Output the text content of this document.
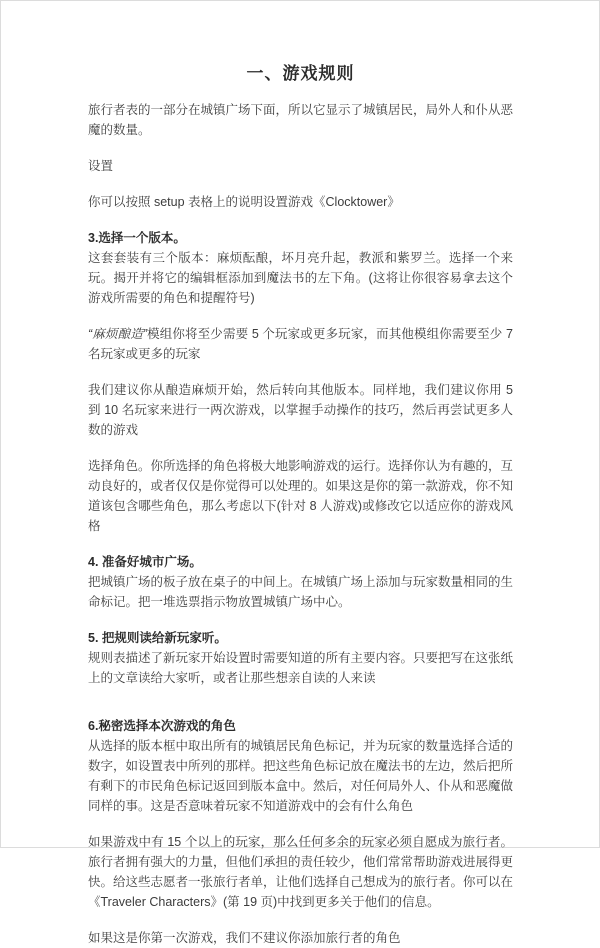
一、游戏规则

旅行者表的一部分在城镇广场下面，所以它显示了城镇居民，局外人和仆从恶魔的数量。

设置

你可以按照 setup 表格上的说明设置游戏《Clocktower》

3.选择一个版本。

这套套装有三个版本：麻烦酝酿，坏月亮升起，教派和紫罗兰。选择一个来玩。揭开并将它的编辑框添加到魔法书的左下角。(这将让你很容易拿去这个游戏所需要的角色和提醒符号)

“麻烦酿造”模组你将至少需要 5 个玩家或更多玩家，而其他模组你需要至少 7 名玩家或更多的玩家

我们建议你从酿造麻烦开始，然后转向其他版本。同样地，我们建议你用 5 到 10 名玩家来进行一两次游戏，以掌握手动操作的技巧，然后再尝试更多人数的游戏

选择角色。你所选择的角色将极大地影响游戏的运行。选择你认为有趣的，互动良好的，或者仅仅是你觉得可以处理的。如果这是你的第一款游戏，你不知道该包含哪些角色，那么考虑以下(针对 8 人游戏)或修改它以适应你的游戏风格

4. 准备好城市广场。

把城镇广场的板子放在桌子的中间上。在城镇广场上添加与玩家数量相同的生命标记。把一堆选票指示物放置城镇广场中心。

5. 把规则读给新玩家听。

规则表描述了新玩家开始设置时需要知道的所有主要内容。只要把写在这张纸上的文章读给大家听，或者让那些想亲自读的人来读

6.秘密选择本次游戏的角色

从选择的版本框中取出所有的城镇居民角色标记，并为玩家的数量选择合适的数字，如设置表中所列的那样。把这些角色标记放在魔法书的左边，然后把所有剩下的市民角色标记返回到版本盒中。然后，对任何局外人、仆从和恶魔做同样的事。这是否意味着玩家不知道游戏中的会有什么角色

如果游戏中有 15 个以上的玩家，那么任何多余的玩家必须自愿成为旅行者。旅行者拥有强大的力量，但他们承担的责任较少，他们常常帮助游戏进展得更快。给这些志愿者一张旅行者单，让他们选择自己想成为的旅行者。你可以在《Traveler Characters》(第 19 页)中找到更多关于他们的信息。

如果这是你第一次游戏，我们不建议你添加旅行者的角色
